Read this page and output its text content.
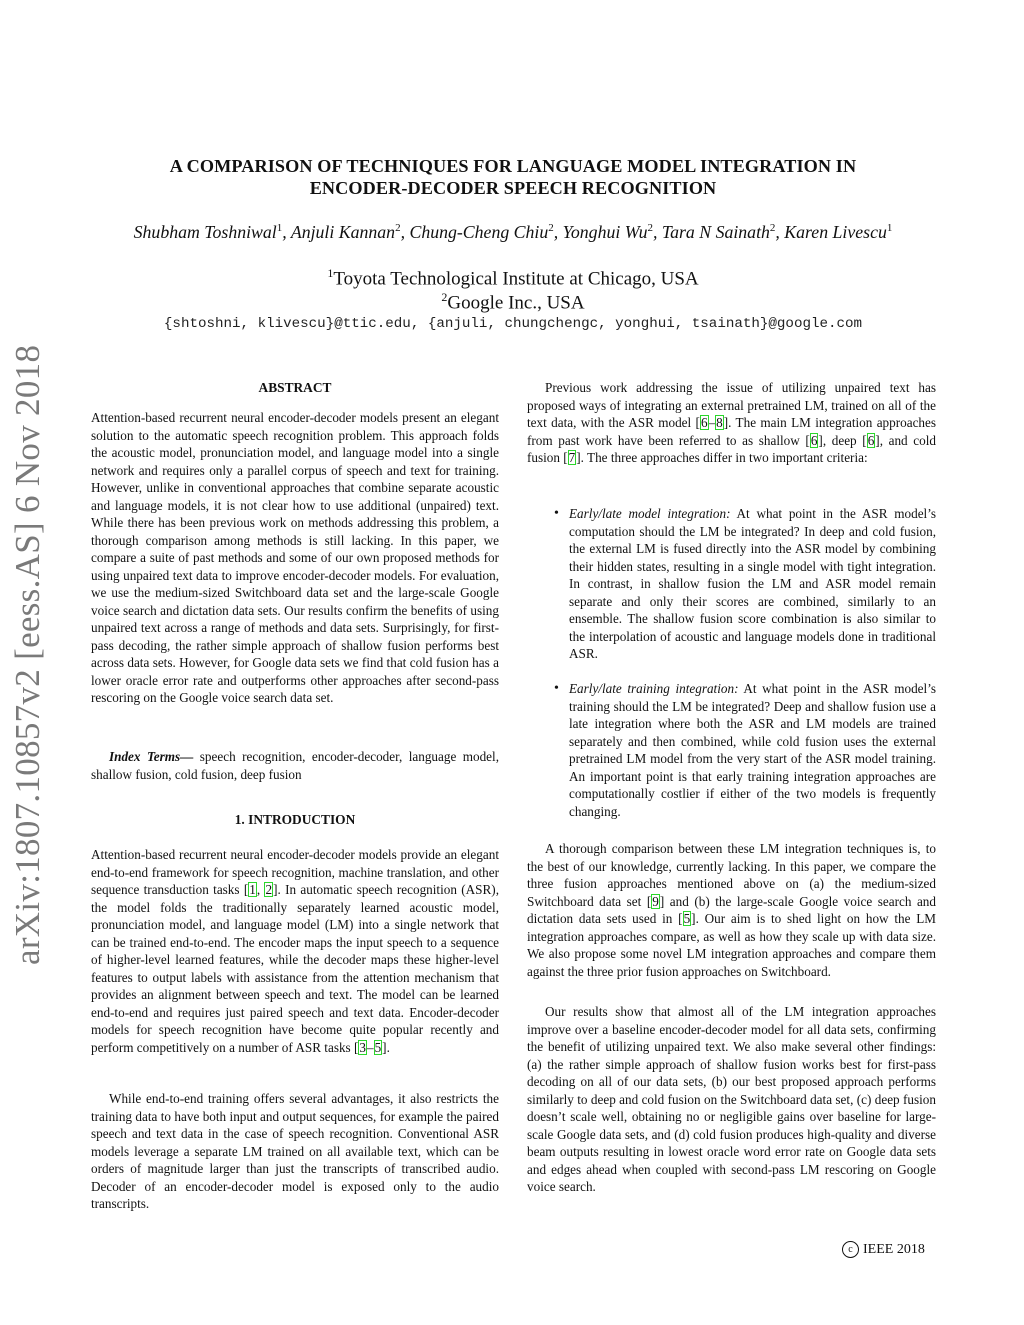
arXiv:1807.10857v2 [eess.AS] 6 Nov 2018
A COMPARISON OF TECHNIQUES FOR LANGUAGE MODEL INTEGRATION IN
ENCODER-DECODER SPEECH RECOGNITION
Shubham Toshniwal$^1$, Anjuli Kannan$^2$, Chung-Cheng Chiu$^2$, Yonghui Wu$^2$, Tara N Sainath$^2$, Karen Livescu$^1$
$^1$Toyota Technological Institute at Chicago, USA
$^2$Google Inc., USA
{shtoshni, klivescu}@ttic.edu, {anjuli, chungchengc, yonghui, tsainath}@google.com
ABSTRACT
Attention-based recurrent neural encoder-decoder models present an elegant solution to the automatic speech recognition problem. This approach folds the acoustic model, pronunciation model, and language model into a single network and requires only a parallel corpus of speech and text for training. However, unlike in conventional approaches that combine separate acoustic and language models, it is not clear how to use additional (unpaired) text. While there has been previous work on methods addressing this problem, a thorough comparison among methods is still lacking. In this paper, we compare a suite of past methods and some of our own proposed methods for using unpaired text data to improve encoder-decoder models. For evaluation, we use the medium-sized Switchboard data set and the large-scale Google voice search and dictation data sets. Our results confirm the benefits of using unpaired text across a range of methods and data sets. Surprisingly, for first-pass decoding, the rather simple approach of shallow fusion performs best across data sets. However, for Google data sets we find that cold fusion has a lower oracle error rate and outperforms other approaches after second-pass rescoring on the Google voice search data set.
Index Terms— speech recognition, encoder-decoder, language model, shallow fusion, cold fusion, deep fusion
1. INTRODUCTION
Attention-based recurrent neural encoder-decoder models provide an elegant end-to-end framework for speech recognition, machine translation, and other sequence transduction tasks [1, 2]. In automatic speech recognition (ASR), the model folds the traditionally separately learned acoustic model, pronunciation model, and language model (LM) into a single network that can be trained end-to-end. The encoder maps the input speech to a sequence of higher-level learned features, while the decoder maps these higher-level features to output labels with assistance from the attention mechanism that provides an alignment between speech and text. The model can be learned end-to-end and requires just paired speech and text data. Encoder-decoder models for speech recognition have become quite popular recently and perform competitively on a number of ASR tasks [3–5].
While end-to-end training offers several advantages, it also restricts the training data to have both input and output sequences, for example the paired speech and text data in the case of speech recognition. Conventional ASR models leverage a separate LM trained on all available text, which can be orders of magnitude larger than just the transcripts of transcribed audio. Decoder of an encoder-decoder model is exposed only to the audio transcripts.
Previous work addressing the issue of utilizing unpaired text has proposed ways of integrating an external pretrained LM, trained on all of the text data, with the ASR model [6–8]. The main LM integration approaches from past work have been referred to as shallow [6], deep [6], and cold fusion [7]. The three approaches differ in two important criteria:
• Early/late model integration: At what point in the ASR model’s computation should the LM be integrated? In deep and cold fusion, the external LM is fused directly into the ASR model by combining their hidden states, resulting in a single model with tight integration. In contrast, in shallow fusion the LM and ASR model remain separate and only their scores are combined, similarly to an ensemble. The shallow fusion score combination is also similar to the interpolation of acoustic and language models done in traditional ASR.
• Early/late training integration: At what point in the ASR model’s training should the LM be integrated? Deep and shallow fusion use a late integration where both the ASR and LM models are trained separately and then combined, while cold fusion uses the external pretrained LM model from the very start of the ASR model training. An important point is that early training integration approaches are computationally costlier if either of the two models is frequently changing.
A thorough comparison between these LM integration techniques is, to the best of our knowledge, currently lacking. In this paper, we compare the three fusion approaches mentioned above on (a) the medium-sized Switchboard data set [9] and (b) the large-scale Google voice search and dictation data sets used in [5]. Our aim is to shed light on how the LM integration approaches compare, as well as how they scale up with data size. We also propose some novel LM integration approaches and compare them against the three prior fusion approaches on Switchboard.
Our results show that almost all of the LM integration approaches improve over a baseline encoder-decoder model for all data sets, confirming the benefit of utilizing unpaired text. We also make several other findings: (a) the rather simple approach of shallow fusion works best for first-pass decoding on all of our data sets, (b) our best proposed approach performs similarly to deep and cold fusion on the Switchboard data set, (c) deep fusion doesn’t scale well, obtaining no or negligible gains over baseline for large-scale Google data sets, and (d) cold fusion produces high-quality and diverse beam outputs resulting in lowest oracle word error rate on Google data sets and edges ahead when coupled with second-pass LM rescoring on Google voice search.
c IEEE 2018
